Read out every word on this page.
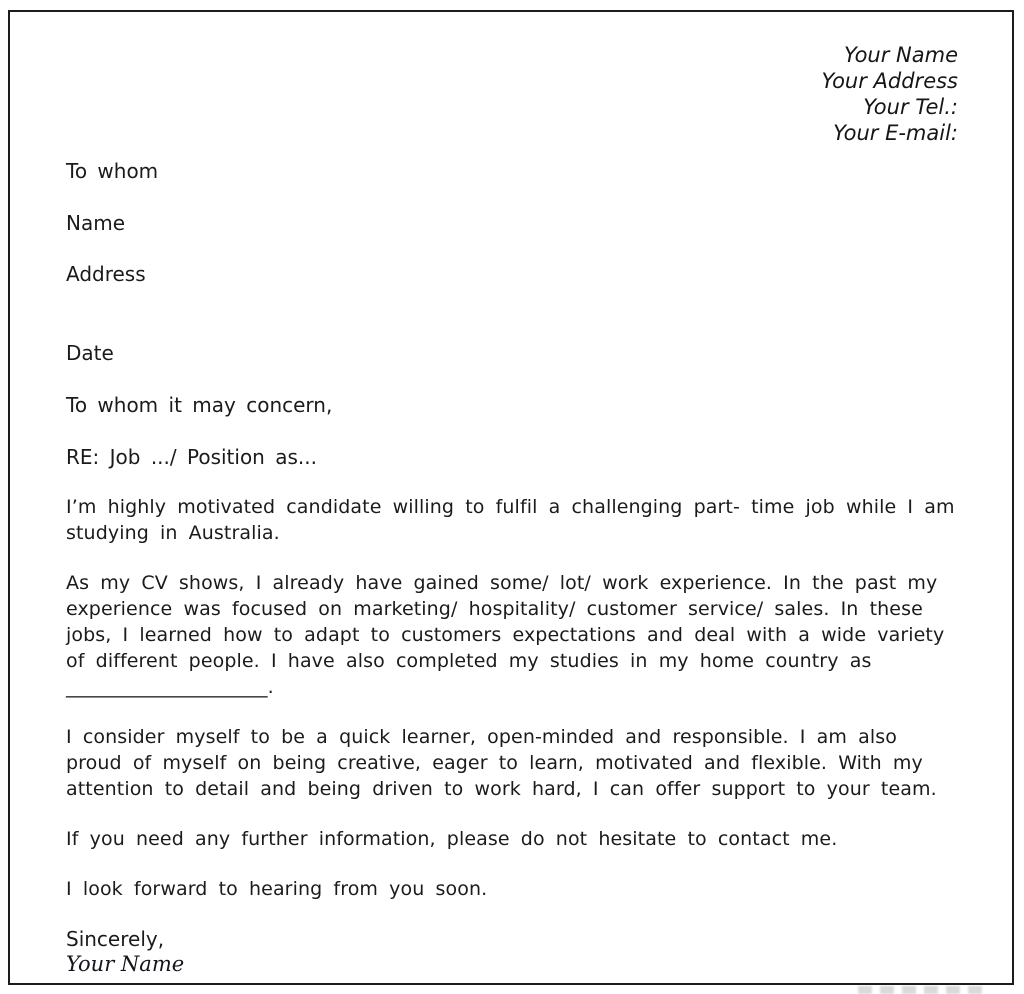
Your Name
Your Address
Your Tel.:
Your E-mail:
To whom
Name
Address
Date
To whom it may concern,
RE: Job .../ Position as...

I’m highly motivated candidate willing to fulfil a challenging part- time job while I am studying in Australia.

As my CV shows, I already have gained some/ lot/ work experience. In the past my experience was focused on marketing/ hospitality/ customer service/ sales. In these jobs, I learned how to adapt to customers expectations and deal with a wide variety of different people. I have also completed my studies in my home country as _____________________.

I consider myself to be a quick learner, open-minded and responsible. I am also proud of myself on being creative, eager to learn, motivated and flexible. With my attention to detail and being driven to work hard, I can offer support to your team.

If you need any further information, please do not hesitate to contact me.

I look forward to hearing from you soon.

Sincerely,
Your Name
